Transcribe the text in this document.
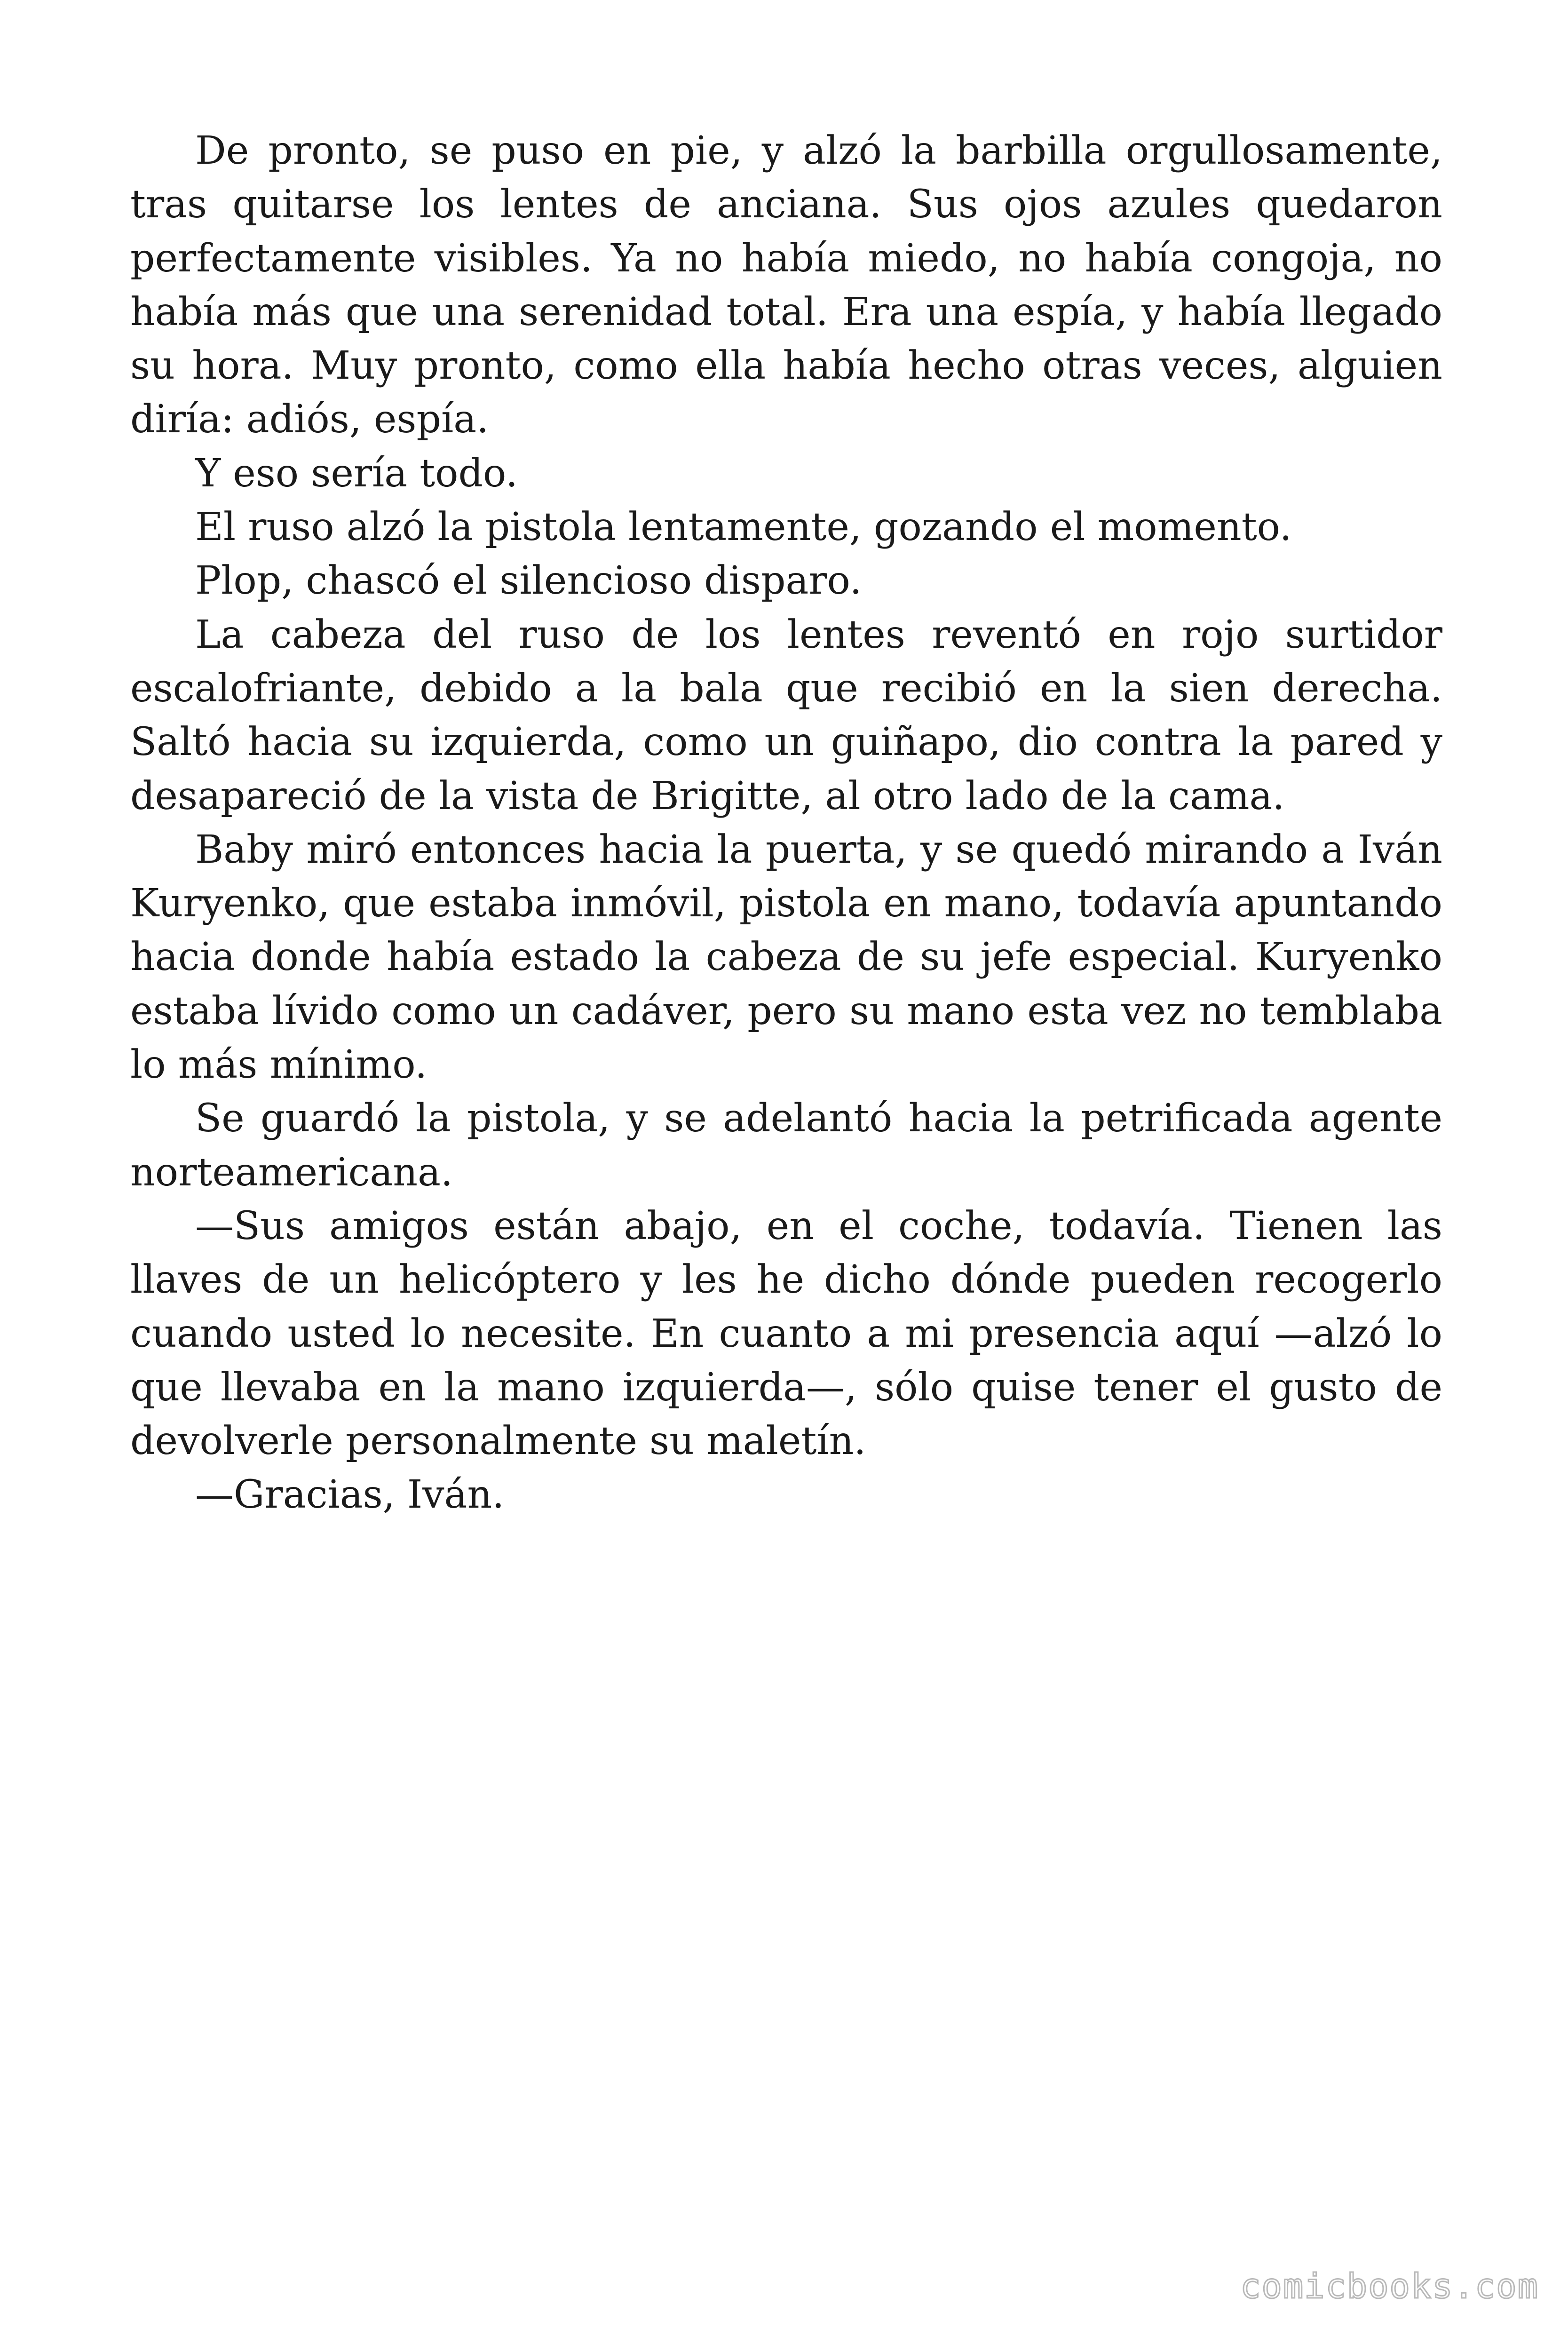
De pronto, se puso en pie, y alzó la barbilla orgullosamente, tras quitarse los lentes de anciana. Sus ojos azules quedaron perfectamente visibles. Ya no había miedo, no había congoja, no había más que una serenidad total. Era una espía, y había llegado su hora. Muy pronto, como ella había hecho otras veces, alguien diría: adiós, espía.

Y eso sería todo.

El ruso alzó la pistola lentamente, gozando el momento.

Plop, chascó el silencioso disparo.

La cabeza del ruso de los lentes reventó en rojo surtidor escalofriante, debido a la bala que recibió en la sien derecha. Saltó hacia su izquierda, como un guiñapo, dio contra la pared y desapareció de la vista de Brigitte, al otro lado de la cama.

Baby miró entonces hacia la puerta, y se quedó mirando a Iván Kuryenko, que estaba inmóvil, pistola en mano, todavía apuntando hacia donde había estado la cabeza de su jefe especial. Kuryenko estaba lívido como un cadáver, pero su mano esta vez no temblaba lo más mínimo.

Se guardó la pistola, y se adelantó hacia la petrificada agente norteamericana.

—Sus amigos están abajo, en el coche, todavía. Tienen las llaves de un helicóptero y les he dicho dónde pueden recogerlo cuando usted lo necesite. En cuanto a mi presencia aquí —alzó lo que llevaba en la mano izquierda—, sólo quise tener el gusto de devolverle personalmente su maletín.

—Gracias, Iván.

comicbooks.com
